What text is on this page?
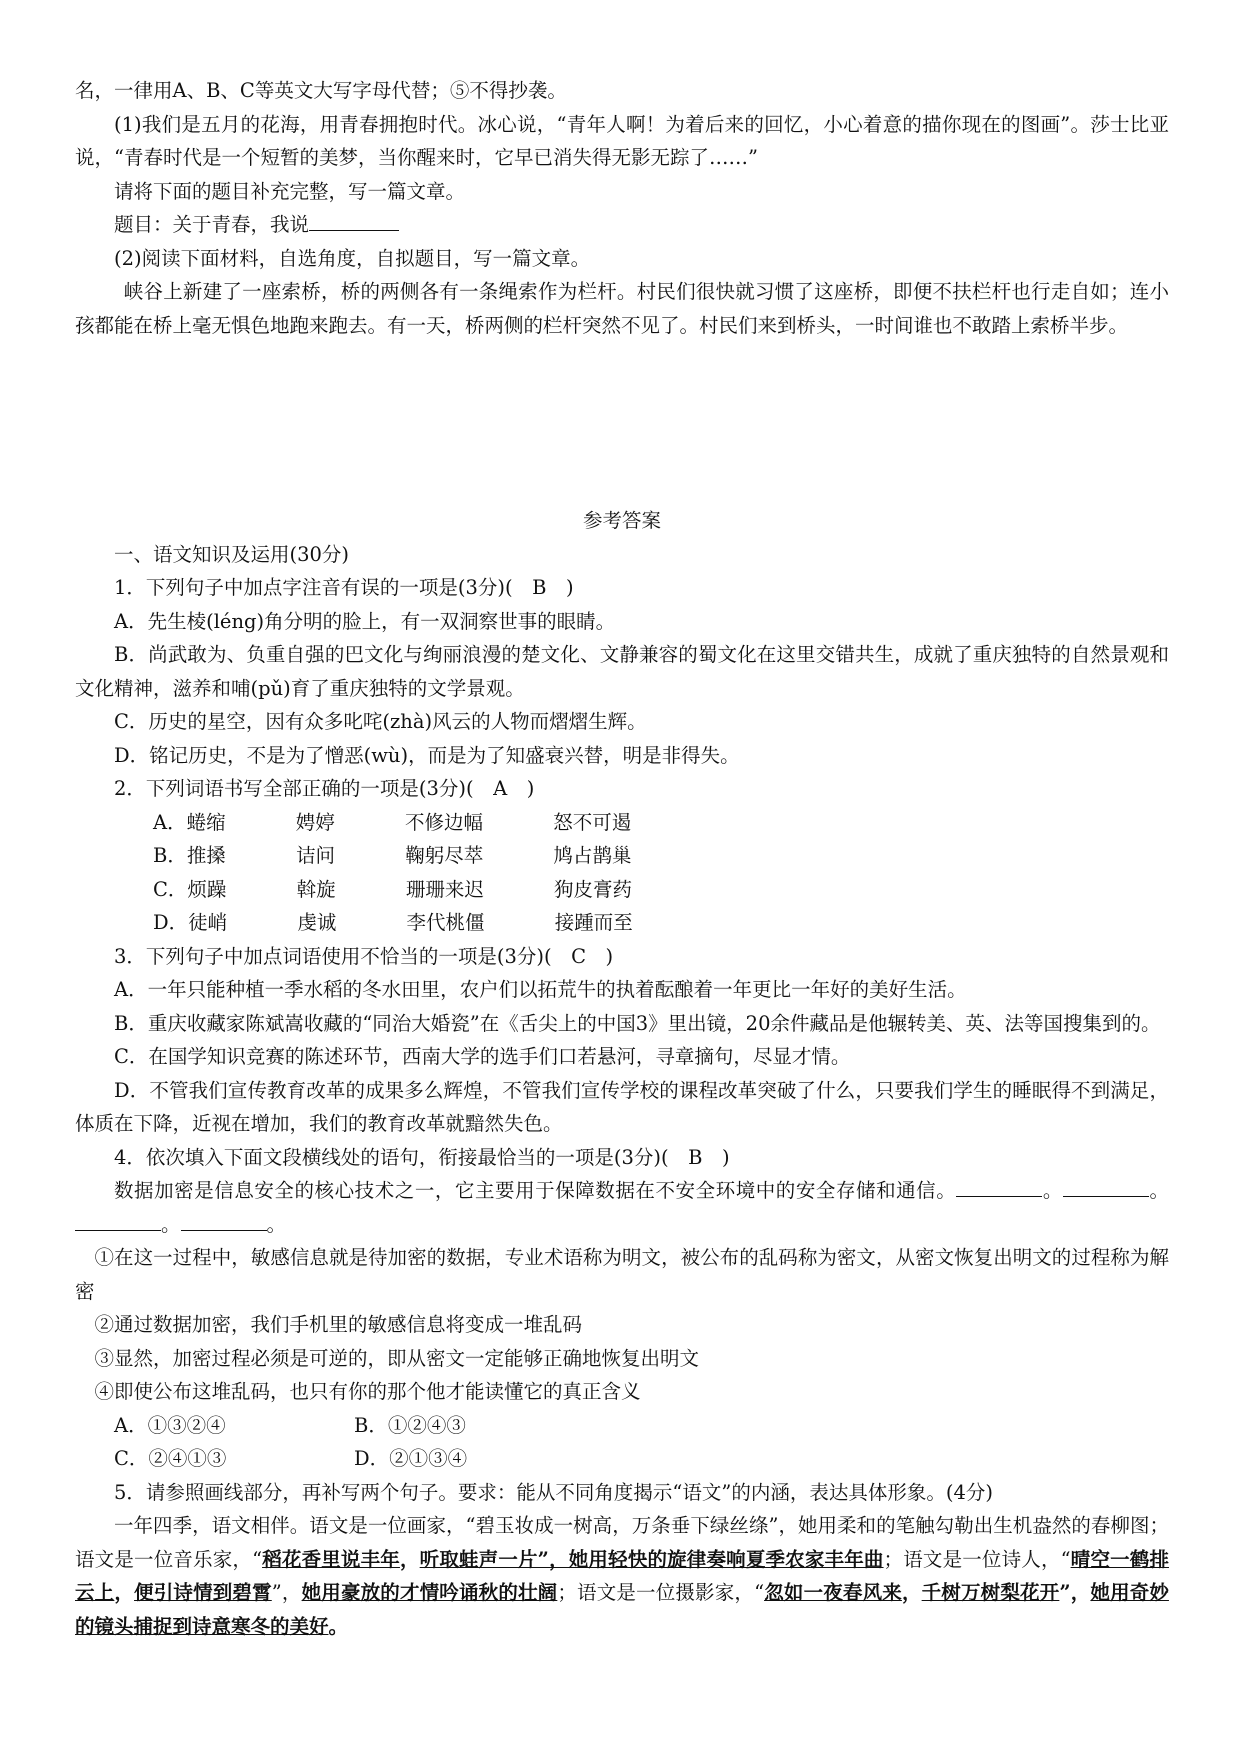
名，一律用A、B、C等英文大写字母代替；⑤不得抄袭。

(1)我们是五月的花海，用青春拥抱时代。冰心说，“青年人啊！为着后来的回忆，小心着意的描你现在的图画”。莎士比亚说，“青春时代是一个短暂的美梦，当你醒来时，它早已消失得无影无踪了……”

请将下面的题目补充完整，写一篇文章。

题目：关于青春，我说

(2)阅读下面材料，自选角度，自拟题目，写一篇文章。

峡谷上新建了一座索桥，桥的两侧各有一条绳索作为栏杆。村民们很快就习惯了这座桥，即便不扶栏杆也行走自如；连小孩都能在桥上毫无惧色地跑来跑去。有一天，桥两侧的栏杆突然不见了。村民们来到桥头，一时间谁也不敢踏上索桥半步。

参考答案

一、语文知识及运用(30分)

1．下列句子中加点字注音有误的一项是(3分)(　B　)

A．先生棱(léng)角分明的脸上，有一双洞察世事的眼睛。

B．尚武敢为、负重自强的巴文化与绚丽浪漫的楚文化、文静兼容的蜀文化在这里交错共生，成就了重庆独特的自然景观和文化精神，滋养和哺(pǔ)育了重庆独特的文学景观。

C．历史的星空，因有众多叱咤(zhà)风云的人物而熠熠生辉。

D．铭记历史，不是为了憎恶(wù)，而是为了知盛衰兴替，明是非得失。

2．下列词语书写全部正确的一项是(3分)(　A　)

A．蜷缩	娉婷	不修边幅	怒不可遏

B．推搡	诘问	鞠躬尽萃	鸠占鹊巢

C．烦躁	斡旋	珊珊来迟	狗皮膏药

D．徒峭	虔诚	李代桃僵	接踵而至

3．下列句子中加点词语使用不恰当的一项是(3分)(　C　)

A．一年只能种植一季水稻的冬水田里，农户们以拓荒牛的执着酝酿着一年更比一年好的美好生活。

B．重庆收藏家陈斌嵩收藏的“同治大婚瓷”在《舌尖上的中国3》里出镜，20余件藏品是他辗转美、英、法等国搜集到的。

C．在国学知识竞赛的陈述环节，西南大学的选手们口若悬河，寻章摘句，尽显才情。

D．不管我们宣传教育改革的成果多么辉煌，不管我们宣传学校的课程改革突破了什么，只要我们学生的睡眠得不到满足，体质在下降，近视在增加，我们的教育改革就黯然失色。

4．依次填入下面文段横线处的语句，衔接最恰当的一项是(3分)(　B　)

数据加密是信息安全的核心技术之一，它主要用于保障数据在不安全环境中的安全存储和通信。	。	。。	。

①在这一过程中，敏感信息就是待加密的数据，专业术语称为明文，被公布的乱码称为密文，从密文恢复出明文的过程称为解密

②通过数据加密，我们手机里的敏感信息将变成一堆乱码

③显然，加密过程必须是可逆的，即从密文一定能够正确地恢复出明文

④即使公布这堆乱码，也只有你的那个他才能读懂它的真正含义

A．①③②④	B．①②④③
C．②④①③	D．②①③④

5．请参照画线部分，再补写两个句子。要求：能从不同角度揭示“语文”的内涵，表达具体形象。(4分)

一年四季，语文相伴。语文是一位画家，“碧玉妆成一树高，万条垂下绿丝绦”，她用柔和的笔触勾勒出生机盎然的春柳图；语文是一位音乐家，“稻花香里说丰年，听取蛙声一片”，她用轻快的旋律奏响夏季农家丰年曲；语文是一位诗人，“晴空一鹤排云上，便引诗情到碧霄”，她用豪放的才情吟诵秋的壮阔；语文是一位摄影家，“忽如一夜春风来，千树万树梨花开”，她用奇妙的镜头捕捉到诗意寒冬的美好。
